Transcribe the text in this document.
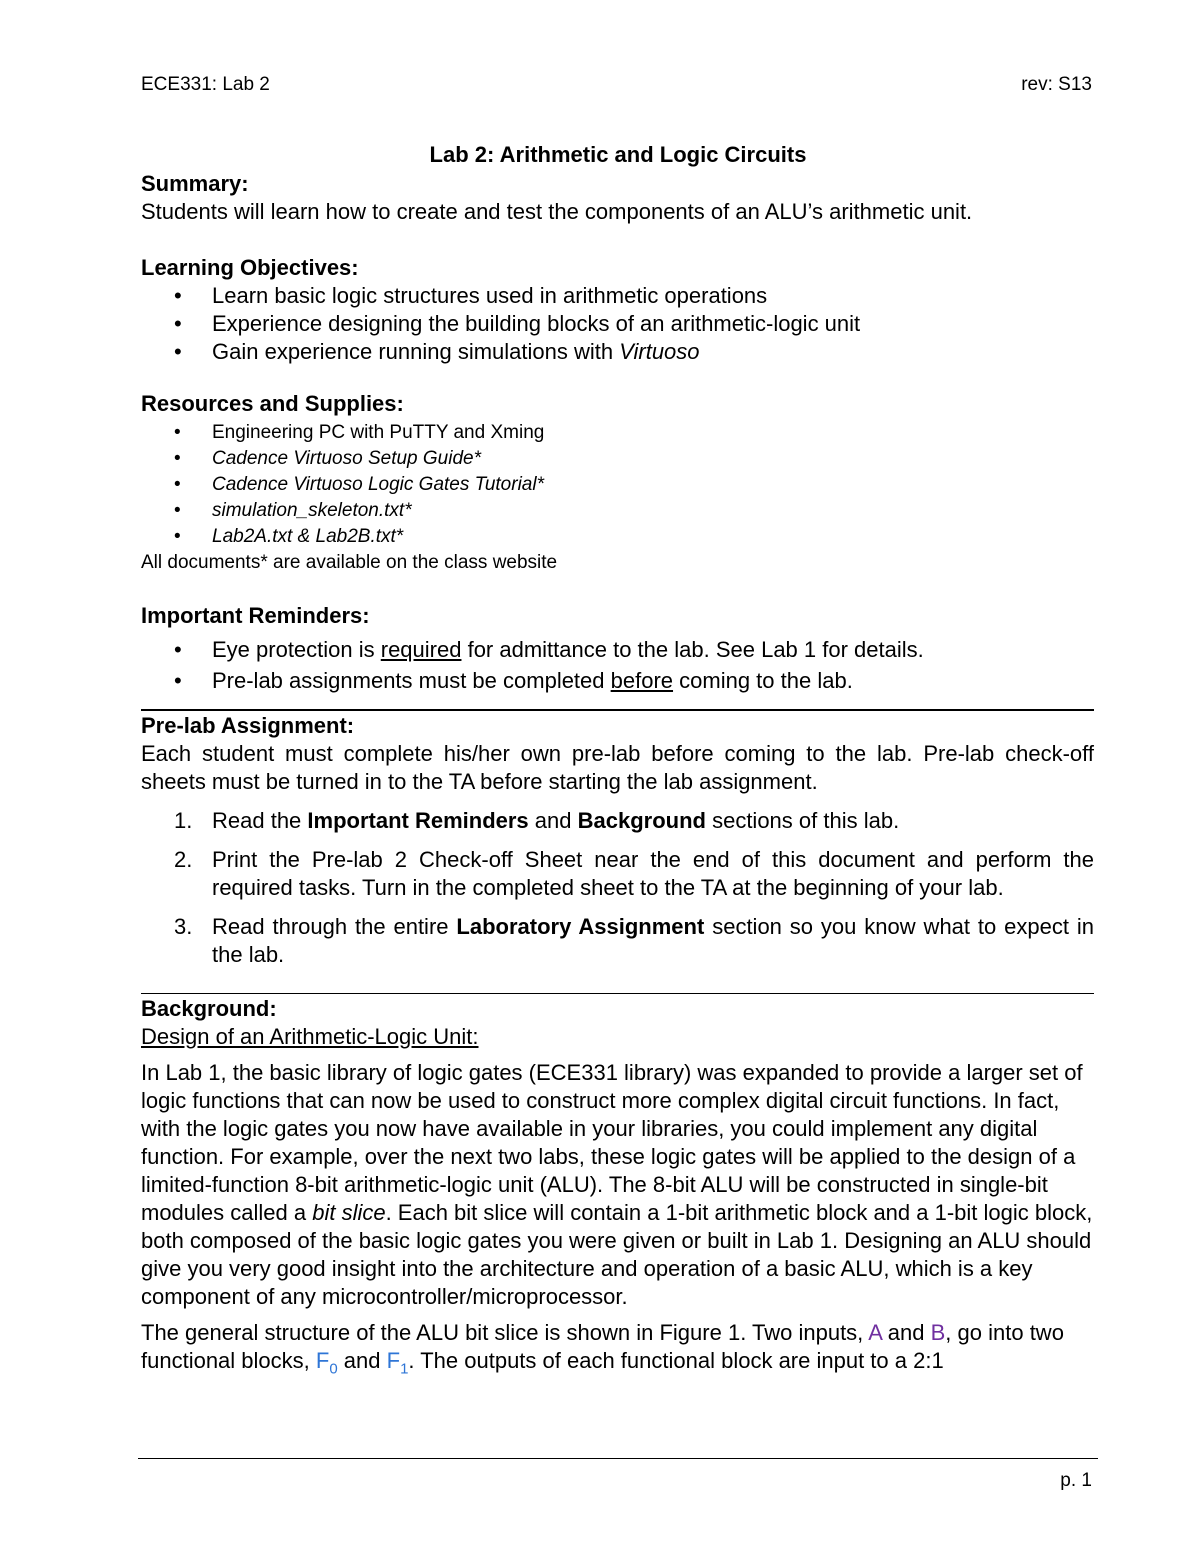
ECE331: Lab 2	rev: S13
Lab 2: Arithmetic and Logic Circuits

Summary:

Students will learn how to create and test the components of an ALU’s arithmetic unit.

Learning Objectives:

• Learn basic logic structures used in arithmetic operations
• Experience designing the building blocks of an arithmetic-logic unit
• Gain experience running simulations with Virtuoso

Resources and Supplies:

• Engineering PC with PuTTY and Xming
• Cadence Virtuoso Setup Guide*
• Cadence Virtuoso Logic Gates Tutorial*
• simulation_skeleton.txt*
• Lab2A.txt & Lab2B.txt*

All documents* are available on the class website

Important Reminders:

• Eye protection is required for admittance to the lab. See Lab 1 for details.
• Pre-lab assignments must be completed before coming to the lab.

Pre-lab Assignment:

Each student must complete his/her own pre-lab before coming to the lab. Pre-lab check-off sheets must be turned in to the TA before starting the lab assignment.

1. Read the Important Reminders and Background sections of this lab.
2. Print the Pre-lab 2 Check-off Sheet near the end of this document and perform the required tasks. Turn in the completed sheet to the TA at the beginning of your lab.
3. Read through the entire Laboratory Assignment section so you know what to expect in the lab.

Background:

Design of an Arithmetic-Logic Unit:

In Lab 1, the basic library of logic gates (ECE331 library) was expanded to provide a larger set of logic functions that can now be used to construct more complex digital circuit functions. In fact, with the logic gates you now have available in your libraries, you could implement any digital function. For example, over the next two labs, these logic gates will be applied to the design of a limited-function 8-bit arithmetic-logic unit (ALU). The 8-bit ALU will be constructed in single-bit modules called a bit slice. Each bit slice will contain a 1-bit arithmetic block and a 1-bit logic block, both composed of the basic logic gates you were given or built in Lab 1. Designing an ALU should give you very good insight into the architecture and operation of a basic ALU, which is a key component of any microcontroller/microprocessor.

The general structure of the ALU bit slice is shown in Figure 1. Two inputs, A and B, go into two functional blocks, $F_0$ and $F_1$. The outputs of each functional block are input to a 2:1

p. 1
